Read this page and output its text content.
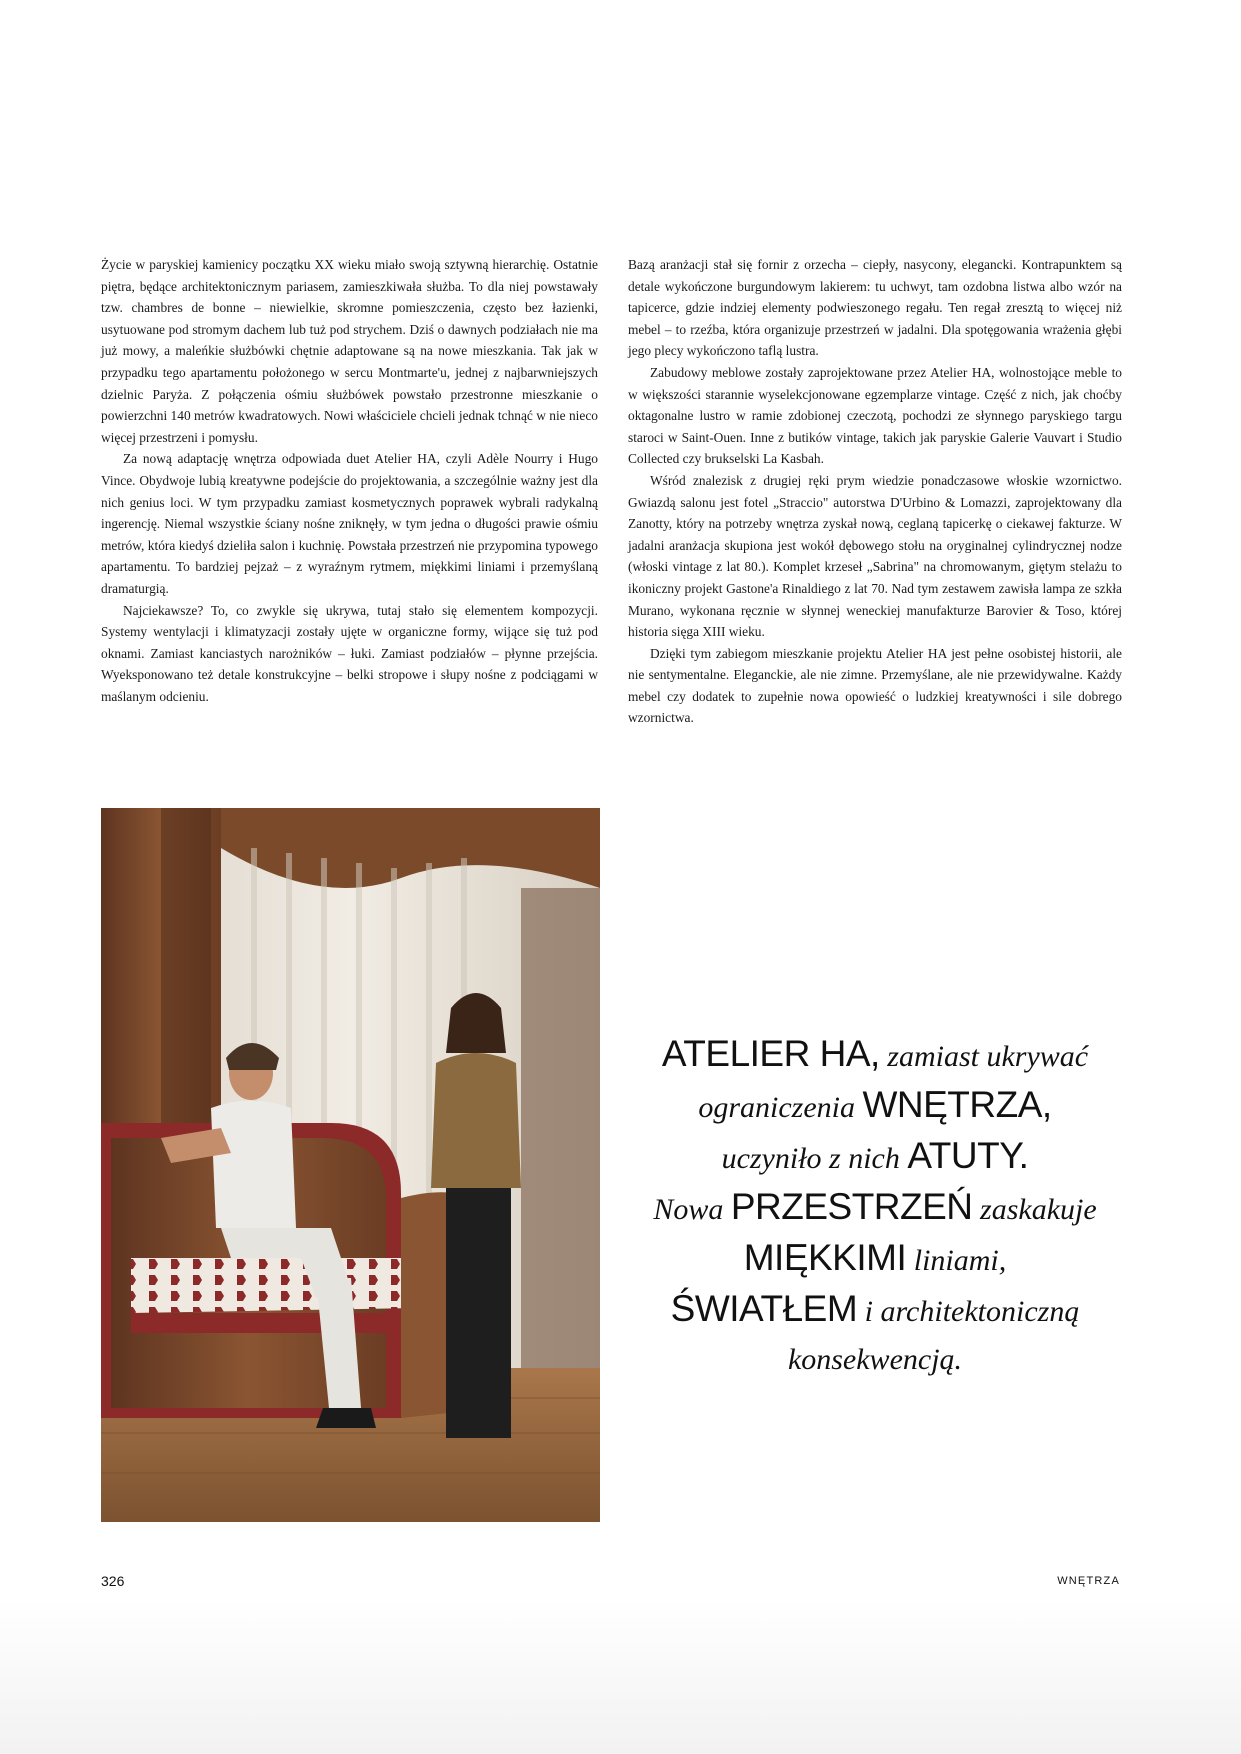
Życie w paryskiej kamienicy początku XX wieku miało swoją sztywną hierarchię. Ostatnie piętra, będące architektonicznym pariasem, zamieszkiwała służba. To dla niej powstawały tzw. chambres de bonne – niewielkie, skromne pomieszczenia, często bez łazienki, usytuowane pod stromym dachem lub tuż pod strychem. Dziś o dawnych podziałach nie ma już mowy, a maleńkie służbówki chętnie adaptowane są na nowe mieszkania. Tak jak w przypadku tego apartamentu położonego w sercu Montmarte'u, jednej z najbarwniejszych dzielnic Paryża. Z połączenia ośmiu służbówek powstało przestronne mieszkanie o powierzchni 140 metrów kwadratowych. Nowi właściciele chcieli jednak tchnąć w nie nieco więcej przestrzeni i pomysłu.

Za nową adaptację wnętrza odpowiada duet Atelier HA, czyli Adèle Nourry i Hugo Vince. Obydwoje lubią kreatywne podejście do projektowania, a szczególnie ważny jest dla nich genius loci. W tym przypadku zamiast kosmetycznych poprawek wybrali radykalną ingerencję. Niemal wszystkie ściany nośne zniknęły, w tym jedna o długości prawie ośmiu metrów, która kiedyś dzieliła salon i kuchnię. Powstała przestrzeń nie przypomina typowego apartamentu. To bardziej pejzaż – z wyraźnym rytmem, miękkimi liniami i przemyślaną dramaturgią.

Najciekawsze? To, co zwykle się ukrywa, tutaj stało się elementem kompozycji. Systemy wentylacji i klimatyzacji zostały ujęte w organiczne formy, wijące się tuż pod oknami. Zamiast kanciastych narożników – łuki. Zamiast podziałów – płynne przejścia. Wyeksponowano też detale konstrukcyjne – belki stropowe i słupy nośne z podciągami w maślanym odcieniu.

Bazą aranżacji stał się fornir z orzecha – ciepły, nasycony, elegancki. Kontrapunktem są detale wykończone burgundowym lakierem: tu uchwyt, tam ozdobna listwa albo wzór na tapicerce, gdzie indziej elementy podwieszonego regału. Ten regał zresztą to więcej niż mebel – to rzeźba, która organizuje przestrzeń w jadalni. Dla spotęgowania wrażenia głębi jego plecy wykończono taflą lustra.

Zabudowy meblowe zostały zaprojektowane przez Atelier HA, wolnostojące meble to w większości starannie wyselekcjonowane egzemplarze vintage. Część z nich, jak choćby oktagonalne lustro w ramie zdobionej czeczotą, pochodzi ze słynnego paryskiego targu staroci w Saint-Ouen. Inne z butików vintage, takich jak paryskie Galerie Vauvart i Studio Collected czy brukselski La Kasbah.

Wśród znalezisk z drugiej ręki prym wiedzie ponadczasowe włoskie wzornictwo. Gwiazdą salonu jest fotel „Straccio" autorstwa D'Urbino & Lomazzi, zaprojektowany dla Zanotty, który na potrzeby wnętrza zyskał nową, ceglaną tapicerkę o ciekawej fakturze. W jadalni aranżacja skupiona jest wokół dębowego stołu na oryginalnej cylindrycznej nodze (włoski vintage z lat 80.). Komplet krzeseł „Sabrina" na chromowanym, giętym stelażu to ikoniczny projekt Gastone'a Rinaldiego z lat 70. Nad tym zestawem zawisła lampa ze szkła Murano, wykonana ręcznie w słynnej weneckiej manufakturze Barovier & Toso, której historia sięga XIII wieku.

Dzięki tym zabiegom mieszkanie projektu Atelier HA jest pełne osobistej historii, ale nie sentymentalne. Eleganckie, ale nie zimne. Przemyślane, ale nie przewidywalne. Każdy mebel czy dodatek to zupełnie nowa opowieść o ludzkiej kreatywności i sile dobrego wzornictwa.

ATELIER HA, zamiast ukrywać
ograniczenia WNĘTRZA,
uczyniło z nich ATUTY.
Nowa PRZESTRZEŃ zaskakuje
MIĘKKIMI liniami,
ŚWIATŁEM i architektoniczną
konsekwencją.
326	WNĘTRZA
